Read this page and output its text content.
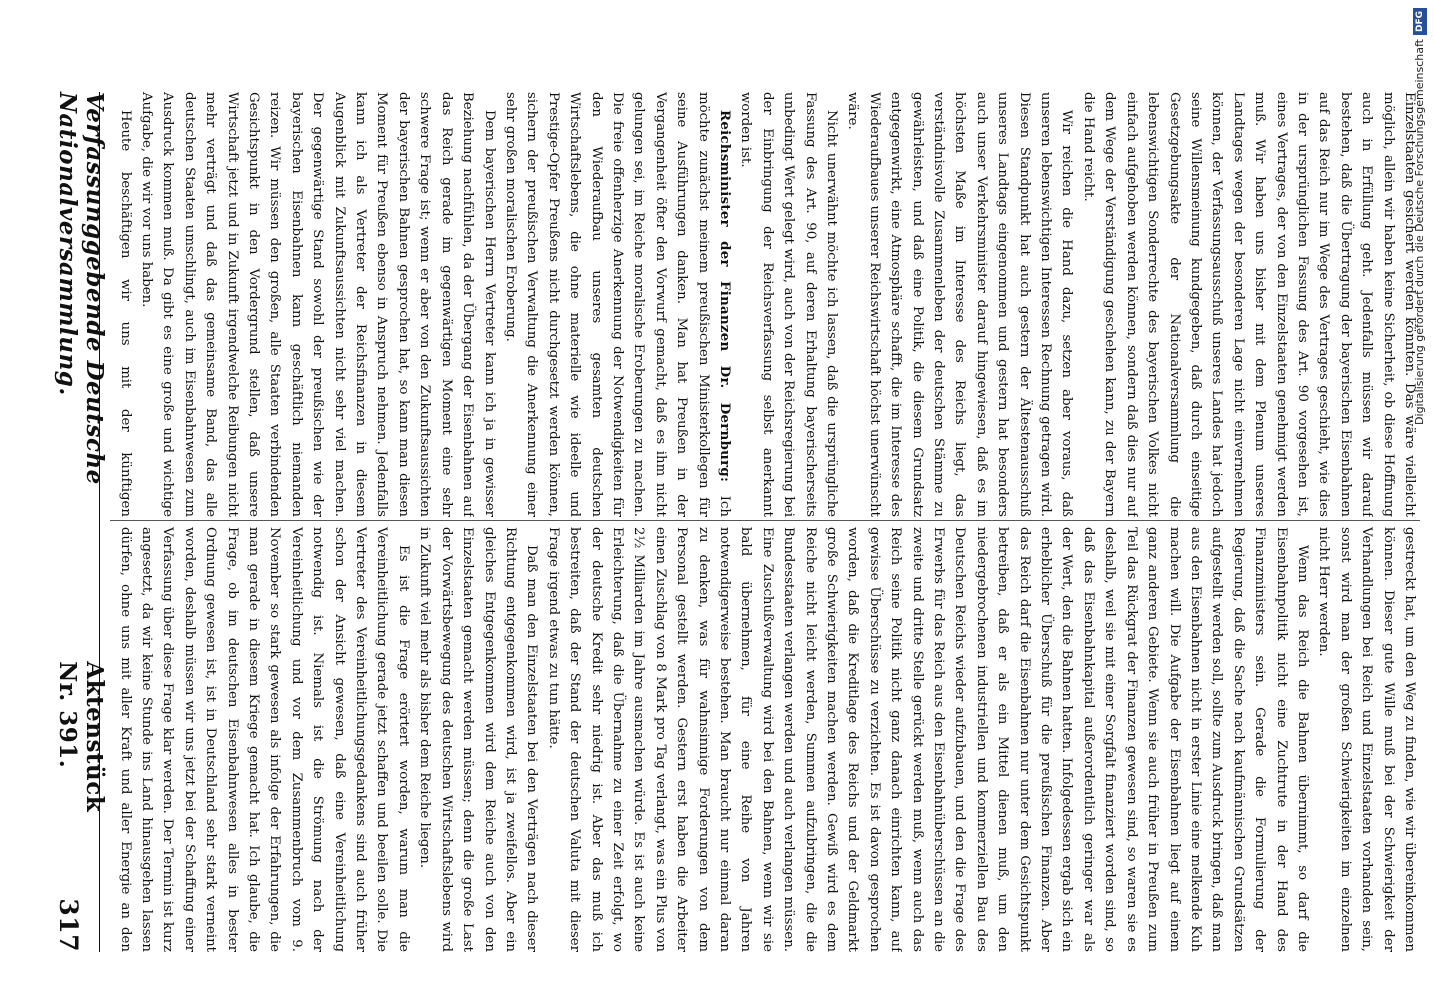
Verfassunggebende Deutsche Nationalversammlung.
Aktenstück Nr. 391.
317

Einzelstaaten gesichert werden könnten. Das wäre vielleicht möglich, allein wir haben keine Sicherheit, ob diese Hoffnung auch in Erfüllung geht. Jedenfalls müssen wir darauf bestehen, daß die Übertragung der bayerischen Eisenbahnen auf das Reich nur im Wege des Vertrages geschieht, wie dies in der ursprünglichen Fassung des Art. 90 vorgesehen ist, eines Vertrages, der von den Einzelstaaten genehmigt werden muß. Wir haben uns bisher mit dem Plenum unseres Landtages wegen der besonderen Lage nicht einvernehmen können, der Verfassungsausschuß unseres Landes hat jedoch seine Willensmeinung kundgegeben, daß durch einseitige Gesetzgebungsakte der Nationalversammlung die lebenswichtigen Sonderrechte des bayerischen Volkes nicht einfach aufgehoben werden können, sondern daß dies nur auf dem Wege der Verständigung geschehen kann, zu der Bayern die Hand reicht.

Wir reichen die Hand dazu, setzen aber voraus, daß unseren lebenswichtigen Interessen Rechnung getragen wird. Diesen Standpunkt hat auch gestern der Ältestenausschuß unseres Landtags eingenommen und gestern hat besonders auch unser Verkehrsminister darauf hingewiesen, daß es im höchsten Maße im Interesse des Reichs liegt, das verständnisvolle Zusammenleben der deutschen Stämme zu gewährleisten, und daß eine Politik, die diesem Grundsatz entgegenwirkt, eine Atmosphäre schafft, die im Interesse des Wiederaufbaues unserer Reichswirtschaft höchst unerwünscht wäre.

Nicht unerwähnt möchte ich lassen, daß die ursprüngliche Fassung des Art. 90, auf deren Erhaltung bayerischerseits unbedingt Wert gelegt wird, auch von der Reichsregierung bei der Einbringung der Reichsverfassung selbst anerkannt worden ist.

Reichsminister der Finanzen Dr. Dernburg: Ich möchte zunächst meinem preußischen Ministerkollegen für seine Ausführungen danken. Man hat Preußen in der Vergangenheit öfter den Vorwurf gemacht, daß es ihm nicht gelungen sei, im Reiche moralische Eroberungen zu machen. Die freie offenherzige Anerkennung der Notwendigkeiten für den Wiederaufbau unseres gesamten deutschen Wirtschaftslebens, die ohne materielle wie ideelle und Prestige-Opfer Preußens nicht durchgesetzt werden können, sichern der preußischen Verwaltung die Anerkennung einer sehr großen moralischen Eroberung.

Dem bayerischen Herrn Vertreter kann ich ja in gewisser Beziehung nachfühlen, da der Übergang der Eisenbahnen auf das Reich gerade im gegenwärtigen Moment eine sehr schwere Frage ist; wenn er aber von den Zukunftsaussichten der bayerischen Bahnen gesprochen hat, so kann man diesen Moment für Preußen ebenso in Anspruch nehmen. Jedenfalls kann ich als Vertreter der Reichsfinanzen in diesem Augenblick mit Zukunftsaussichten nicht sehr viel machen. Der gegenwärtige Stand sowohl der preußischen wie der bayerischen Eisenbahnen kann geschäftlich niemanden reizen. Wir müssen den großen, alle Staaten verbindenden Gesichtspunkt in den Vordergrund stellen, daß unsere Wirtschaft jetzt und in Zukunft irgendwelche Reibungen nicht mehr verträgt und daß das gemeinsame Band, das alle deutschen Staaten umschlingt, auch im Eisenbahnwesen zum Ausdruck kommen muß. Da gibt es eine große und wichtige Aufgabe, die wir vor uns haben.

Heute beschäftigen wir uns mit der künftigen

gestreckt hat, um den Weg zu finden, wie wir übereinkommen können. Dieser gute Wille muß bei der Schwierigkeit der Verhandlungen bei Reich und Einzelstaaten vorhanden sein, sonst wird man der großen Schwierigkeiten im einzelnen nicht Herr werden.

Wenn das Reich die Bahnen übernimmt, so darf die Eisenbahnpolitik nicht eine Zuchtrute in der Hand des Finanzministers sein. Gerade die Formulierung der Regierung, daß die Sache nach kaufmännischen Grundsätzen aufgestellt werden soll, sollte zum Ausdruck bringen, daß man aus den Eisenbahnen nicht in erster Linie eine melkende Kuh machen will. Die Aufgabe der Eisenbahnen liegt auf einem ganz anderen Gebiete. Wenn sie auch früher in Preußen zum Teil das Rückgrat der Finanzen gewesen sind, so waren sie es deshalb, weil sie mit einer Sorgfalt finanziert worden sind, so daß das Eisenbahnkapital außerordentlich geringer war als der Wert, den die Bahnen hatten. Infolgedessen ergab sich ein erheblicher Überschuß für die preußischen Finanzen. Aber das Reich darf die Eisenbahnen nur unter dem Gesichtspunkt betreiben, daß er als ein Mittel dienen muß, um den niedergebrochenen industriellen und kommerziellen Bau des Deutschen Reichs wieder aufzubauen, und den die Frage des Erwerbs für das Reich aus den Eisenbahnüberschüssen an die zweite und dritte Stelle gerückt werden muß, wenn auch das Reich seine Politik nicht ganz danach einrichten kann, auf gewisse Überschüsse zu verzichten. Es ist davon gesprochen worden, daß die Kreditlage des Reichs und der Geldmarkt große Schwierigkeiten machen werden. Gewiß wird es dem Reiche nicht leicht werden, Summen aufzubringen, die die Bundesstaaten verlangen werden und auch verlangen müssen. Eine Zuschußverwaltung wird bei den Bahnen, wenn wir sie bald übernehmen, für eine Reihe von Jahren notwendigerweise bestehen. Man braucht nur einmal daran zu denken, was für wahnsinnige Forderungen von dem Personal gestellt werden. Gestern erst haben die Arbeiter einen Zuschlag von 8 Mark pro Tag verlangt, was ein Plus von 2½ Milliarden im Jahre ausmachen würde. Es ist auch keine Erleichterung, daß die Übernahme zu einer Zeit erfolgt, wo der deutsche Kredit sehr niedrig ist. Aber das muß ich bestreiten, daß der Stand der deutschen Valuta mit dieser Frage irgend etwas zu tun hätte.

Daß man den Einzelstaaten bei den Verträgen nach dieser Richtung entgegenkommen wird, ist ja zweifellos. Aber ein gleiches Entgegenkommen wird dem Reiche auch von den Einzelstaaten gemacht werden müssen; denn die große Last der Vorwärtsbewegung des deutschen Wirtschaftslebens wird in Zukunft viel mehr als bisher dem Reiche liegen.

Es ist die Frage erörtert worden, warum man die Vereinheitlichung gerade jetzt schaffen und beeilen solle. Die Vertreter des Vereinheitlichungsgedankens sind auch früher schon der Ansicht gewesen, daß eine Vereinheitlichung notwendig ist. Niemals ist die Strömung nach der Vereinheitlichung und vor dem Zusammenbruch vom 9. November so stark gewesen als infolge der Erfahrungen, die man gerade in diesem Kriege gemacht hat. Ich glaube, die Frage, ob im deutschen Eisenbahnwesen alles in bester Ordnung gewesen ist, ist in Deutschland sehr stark verneint worden, deshalb müssen wir uns jetzt bei der Schaffung einer Verfassung über diese Frage klar werden. Der Termin ist kurz angesetzt, da wir keine Stunde ins Land hinausgehen lassen dürfen, ohne uns mit aller Kraft und aller Energie an den

Digitalisierung gefördert durch die Deutsche ForschungsgemeinschaftDFG
